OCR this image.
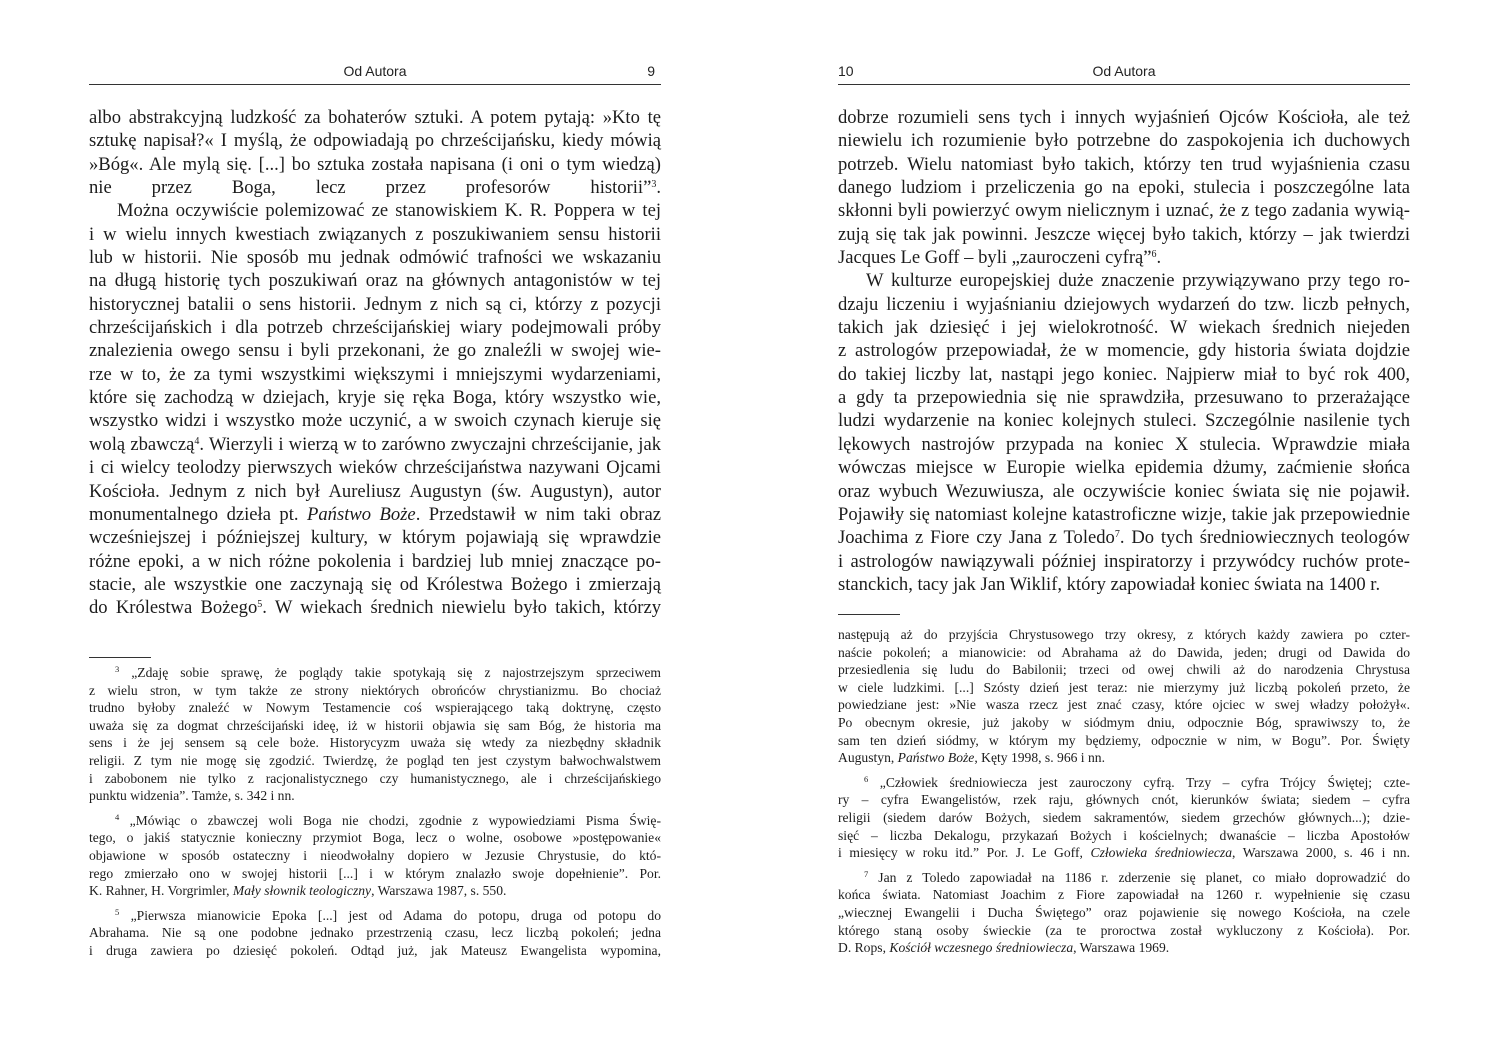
Od Autora	9
albo abstrakcyjną ludzkość za bohaterów sztuki. A potem pytają: »Kto tę
sztukę napisał?« I myślą, że odpowiadają po chrześcijańsku, kiedy mówią
»Bóg«. Ale mylą się. [...] bo sztuka została napisana (i oni o tym wiedzą)
nie przez Boga, lecz przez profesorów historii”$^3$.
Można oczywiście polemizować ze stanowiskiem K. R. Poppera w tej
i w wielu innych kwestiach związanych z poszukiwaniem sensu historii
lub w historii. Nie sposób mu jednak odmówić trafności we wskazaniu
na długą historię tych poszukiwań oraz na głównych antagonistów w tej
historycznej batalii o sens historii. Jednym z nich są ci, którzy z pozycji
chrześcijańskich i dla potrzeb chrześcijańskiej wiary podejmowali próby
znalezienia owego sensu i byli przekonani, że go znaleźli w swojej wie-
rze w to, że za tymi wszystkimi większymi i mniejszymi wydarzeniami,
które się zachodzą w dziejach, kryje się ręka Boga, który wszystko wie,
wszystko widzi i wszystko może uczynić, a w swoich czynach kieruje się
wolą zbawczą$^4$. Wierzyli i wierzą w to zarówno zwyczajni chrześcijanie, jak
i ci wielcy teolodzy pierwszych wieków chrześcijaństwa nazywani Ojcami
Kościoła. Jednym z nich był Aureliusz Augustyn (św. Augustyn), autor
monumentalnego dzieła pt. Państwo Boże. Przedstawił w nim taki obraz
wcześniejszej i późniejszej kultury, w którym pojawiają się wprawdzie
różne epoki, a w nich różne pokolenia i bardziej lub mniej znaczące po-
stacie, ale wszystkie one zaczynają się od Królestwa Bożego i zmierzają
do Królestwa Bożego$^5$. W wiekach średnich niewielu było takich, którzy
$^3$ „Zdaję sobie sprawę, że poglądy takie spotykają się z najostrzejszym sprzeciwem
z wielu stron, w tym także ze strony niektórych obrońców chrystianizmu. Bo chociaż
trudno byłoby znaleźć w Nowym Testamencie coś wspierającego taką doktrynę, często
uważa się za dogmat chrześcijański ideę, iż w historii objawia się sam Bóg, że historia ma
sens i że jej sensem są cele boże. Historycyzm uważa się wtedy za niezbędny składnik
religii. Z tym nie mogę się zgodzić. Twierdzę, że pogląd ten jest czystym bałwochwalstwem
i zabobonem nie tylko z racjonalistycznego czy humanistycznego, ale i chrześcijańskiego
punktu widzenia”. Tamże, s. 342 i nn.
$^4$ „Mówiąc o zbawczej woli Boga nie chodzi, zgodnie z wypowiedziami Pisma Świę-
tego, o jakiś statycznie konieczny przymiot Boga, lecz o wolne, osobowe »postępowanie«
objawione w sposób ostateczny i nieodwołalny dopiero w Jezusie Chrystusie, do któ-
rego zmierzało ono w swojej historii [...] i w którym znalazło swoje dopełnienie”. Por.
K. Rahner, H. Vorgrimler, Mały słownik teologiczny, Warszawa 1987, s. 550.
$^5$ „Pierwsza mianowicie Epoka [...] jest od Adama do potopu, druga od potopu do
Abrahama. Nie są one podobne jednako przestrzenią czasu, lecz liczbą pokoleń; jedna
i druga zawiera po dziesięć pokoleń. Odtąd już, jak Mateusz Ewangelista wypomina,
10	Od Autora
dobrze rozumieli sens tych i innych wyjaśnień Ojców Kościoła, ale też
niewielu ich rozumienie było potrzebne do zaspokojenia ich duchowych
potrzeb. Wielu natomiast było takich, którzy ten trud wyjaśnienia czasu
danego ludziom i przeliczenia go na epoki, stulecia i poszczególne lata
skłonni byli powierzyć owym nielicznym i uznać, że z tego zadania wywią-
zują się tak jak powinni. Jeszcze więcej było takich, którzy – jak twierdzi
Jacques Le Goff – byli „zauroczeni cyfrą”$^6$.
W kulturze europejskiej duże znaczenie przywiązywano przy tego ro-
dzaju liczeniu i wyjaśnianiu dziejowych wydarzeń do tzw. liczb pełnych,
takich jak dziesięć i jej wielokrotność. W wiekach średnich niejeden
z astrologów przepowiadał, że w momencie, gdy historia świata dojdzie
do takiej liczby lat, nastąpi jego koniec. Najpierw miał to być rok 400,
a gdy ta przepowiednia się nie sprawdziła, przesuwano to przerażające
ludzi wydarzenie na koniec kolejnych stuleci. Szczególnie nasilenie tych
lękowych nastrojów przypada na koniec X stulecia. Wprawdzie miała
wówczas miejsce w Europie wielka epidemia dżumy, zaćmienie słońca
oraz wybuch Wezuwiusza, ale oczywiście koniec świata się nie pojawił.
Pojawiły się natomiast kolejne katastroficzne wizje, takie jak przepowiednie
Joachima z Fiore czy Jana z Toledo$^7$. Do tych średniowiecznych teologów
i astrologów nawiązywali później inspiratorzy i przywódcy ruchów prote-
stanckich, tacy jak Jan Wiklif, który zapowiadał koniec świata na 1400 r.
następują aż do przyjścia Chrystusowego trzy okresy, z których każdy zawiera po czter-
naście pokoleń; a mianowicie: od Abrahama aż do Dawida, jeden; drugi od Dawida do
przesiedlenia się ludu do Babilonii; trzeci od owej chwili aż do narodzenia Chrystusa
w ciele ludzkimi. [...] Szósty dzień jest teraz: nie mierzymy już liczbą pokoleń przeto, że
powiedziane jest: »Nie wasza rzecz jest znać czasy, które ojciec w swej władzy położył«.
Po obecnym okresie, już jakoby w siódmym dniu, odpocznie Bóg, sprawiwszy to, że
sam ten dzień siódmy, w którym my będziemy, odpocznie w nim, w Bogu”. Por. Święty
Augustyn, Państwo Boże, Kęty 1998, s. 966 i nn.
$^6$ „Człowiek średniowiecza jest zauroczony cyfrą. Trzy – cyfra Trójcy Świętej; czte-
ry – cyfra Ewangelistów, rzek raju, głównych cnót, kierunków świata; siedem – cyfra
religii (siedem darów Bożych, siedem sakramentów, siedem grzechów głównych...); dzie-
sięć – liczba Dekalogu, przykazań Bożych i kościelnych; dwanaście – liczba Apostołów
i miesięcy w roku itd.” Por. J. Le Goff, Człowieka średniowiecza, Warszawa 2000, s. 46 i nn.
$^7$ Jan z Toledo zapowiadał na 1186 r. zderzenie się planet, co miało doprowadzić do
końca świata. Natomiast Joachim z Fiore zapowiadał na 1260 r. wypełnienie się czasu
„wiecznej Ewangelii i Ducha Świętego” oraz pojawienie się nowego Kościoła, na czele
którego staną osoby świeckie (za te proroctwa został wykluczony z Kościoła). Por.
D. Rops, Kościół wczesnego średniowiecza, Warszawa 1969.
